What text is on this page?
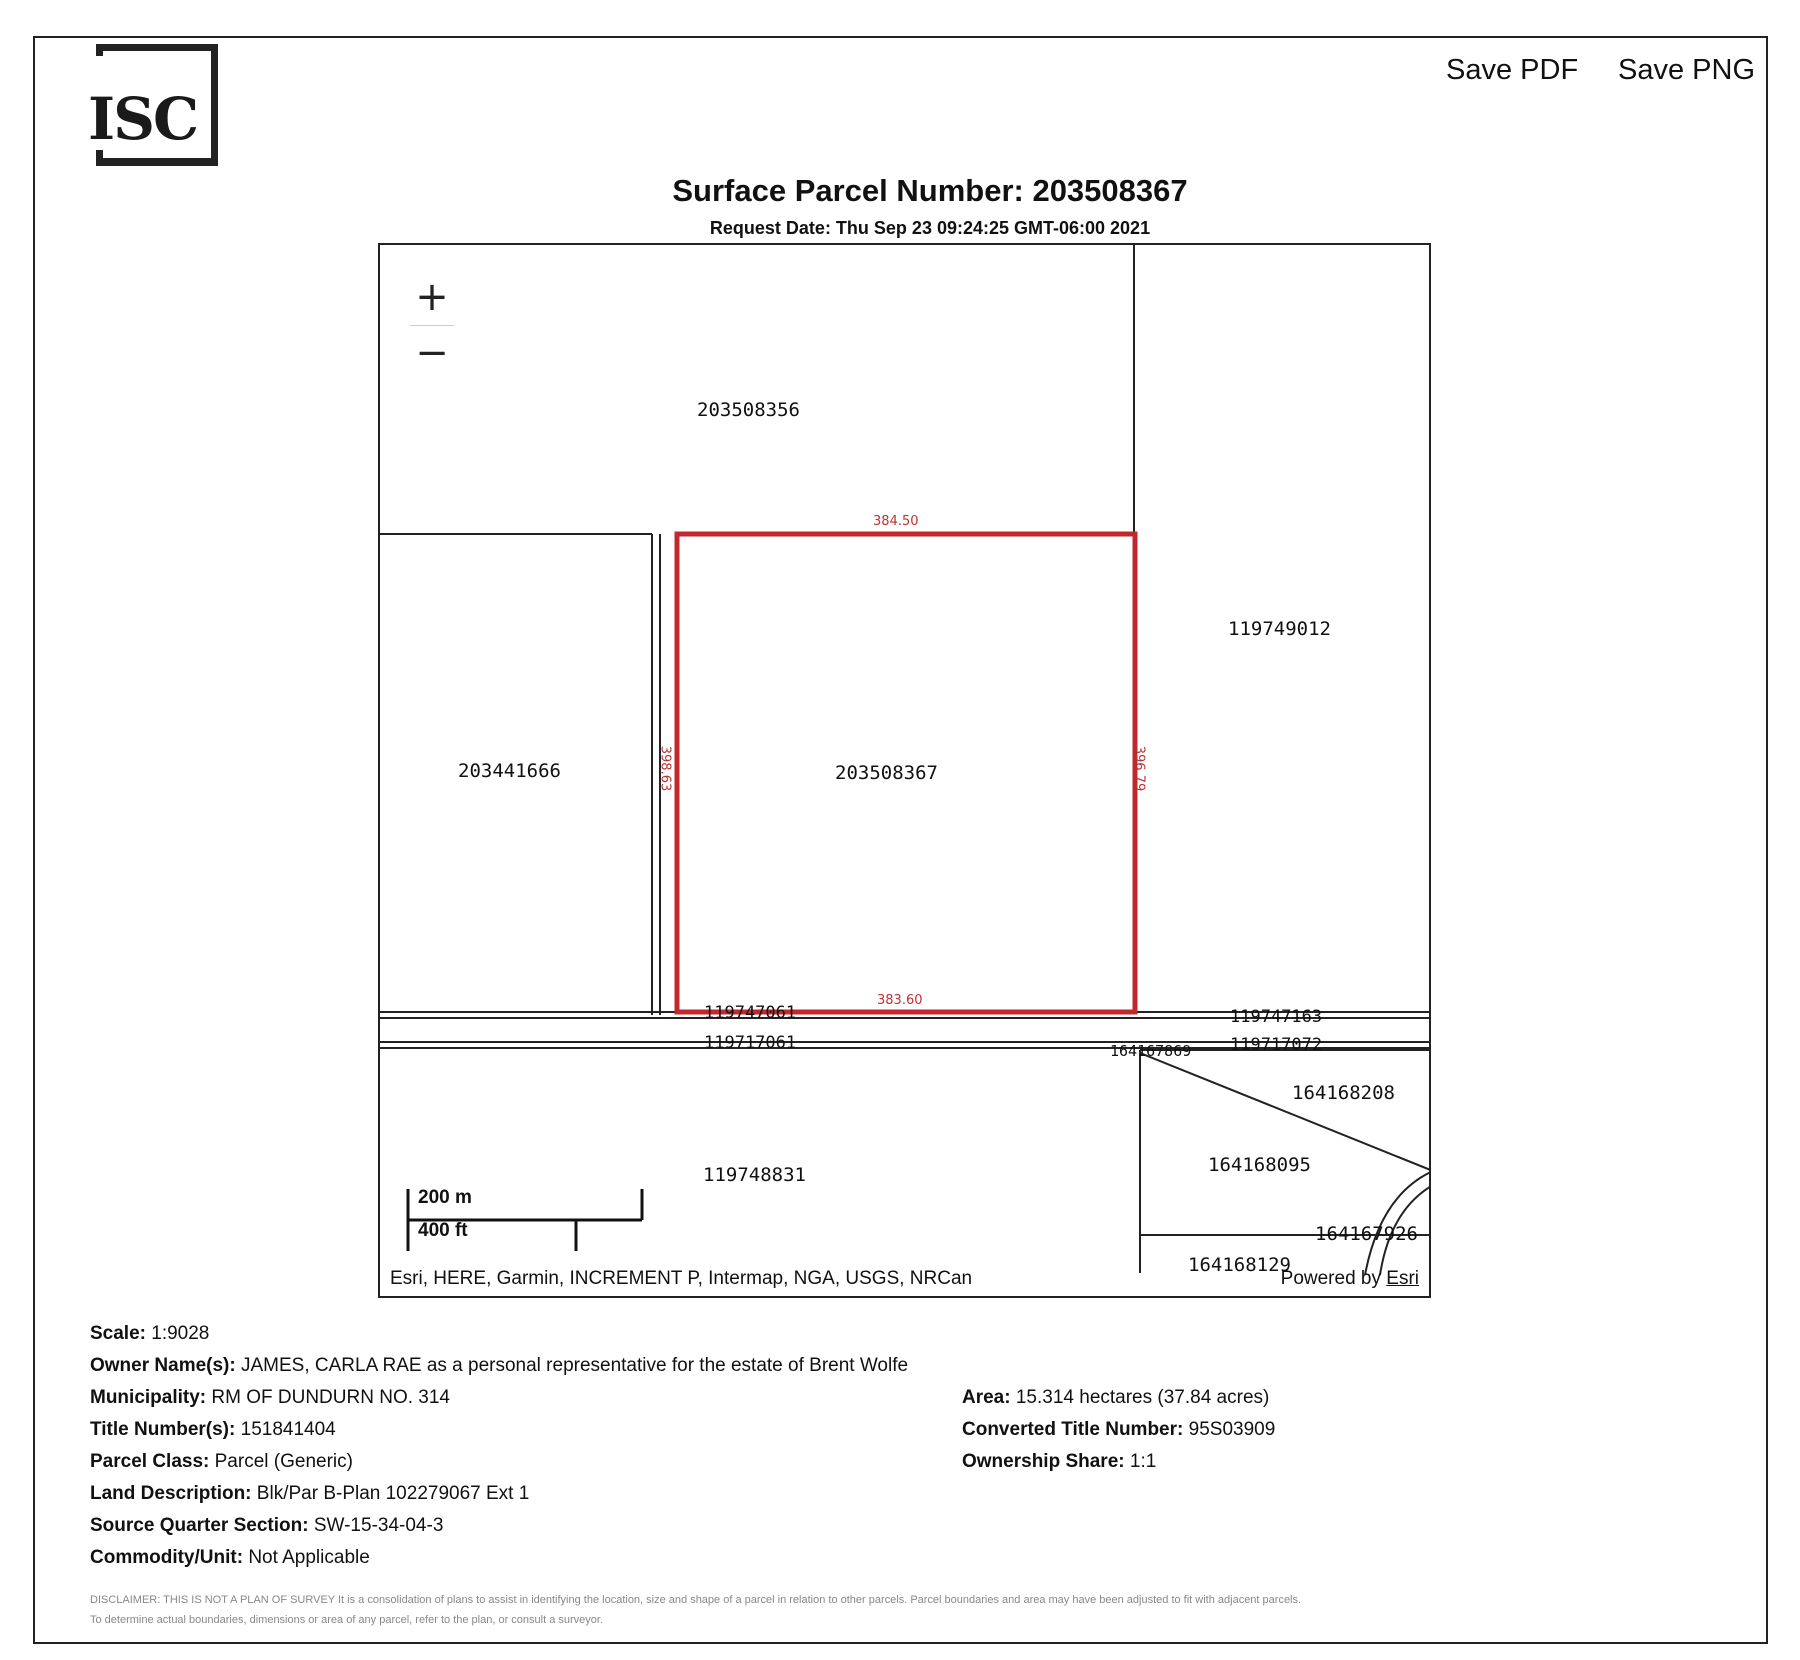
ISC
Save PDF Save PNG
Surface Parcel Number: 203508367
Request Date: Thu Sep 23 09:24:25 GMT-06:00 2021
+
−
203508356
119749012
203441666	203508367
119747061
119717061
119747163
119717072
164167869
119748831
164168208
164168095
164167926
164168129
384.50
383.60
398.63	396.79
200 m
400 ft
Esri, HERE, Garmin, INCREMENT P, Intermap, NGA, USGS, NRCan	Powered by Esri
Scale: 1:9028
Owner Name(s): JAMES, CARLA RAE as a personal representative for the estate of Brent Wolfe
Municipality: RM OF DUNDURN NO. 314
Title Number(s): 151841404
Parcel Class: Parcel (Generic)
Land Description: Blk/Par B-Plan 102279067 Ext 1
Source Quarter Section: SW-15-34-04-3
Commodity/Unit: Not Applicable
Area: 15.314 hectares (37.84 acres)
Converted Title Number: 95S03909
Ownership Share: 1:1
DISCLAIMER: THIS IS NOT A PLAN OF SURVEY It is a consolidation of plans to assist in identifying the location, size and shape of a parcel in relation to other parcels. Parcel boundaries and area may have been adjusted to fit with adjacent parcels.
To determine actual boundaries, dimensions or area of any parcel, refer to the plan, or consult a surveyor.
